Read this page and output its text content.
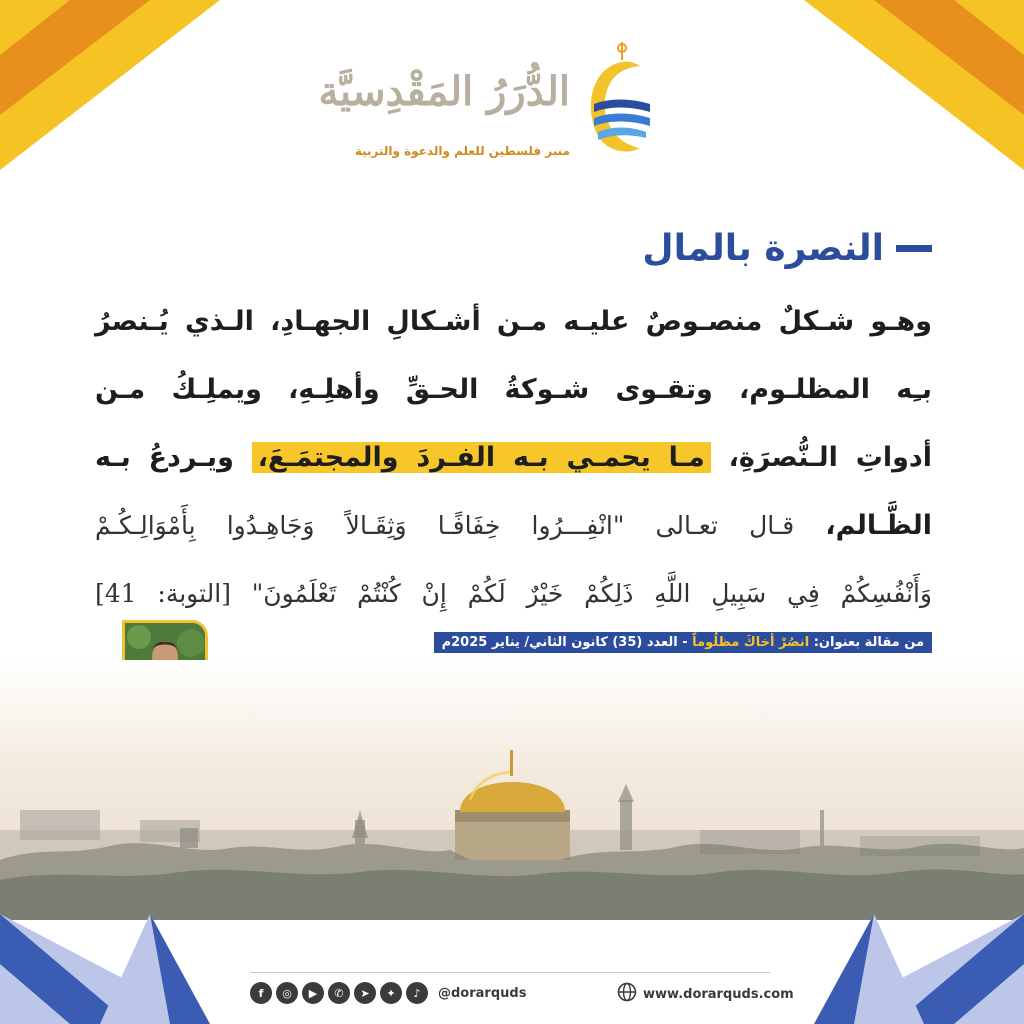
الدُّرَرُ المَقْدِسيَّة
منبر فلسطين للعلم والدعوة والتربية
النصرة بالمال
وهـو شـكلٌ منصـوصٌ عليـه مـن أشـكالِ الجهـادِ، الـذي يُـنصرُ
بـِه المظلـوم، وتقـوى شـوكةُ الحـقِّ وأهلِـهِ، ويملِـكُ مـن
أدواتِ الـنُّصرَةِ، مـا يحمـي بـه الفـردَ والمجتمَـعَ، ويـردعُ بـه
الظَّـالم، قـال تعـالى "انْفِـــرُوا خِفَافًـا وَثِقَـالاً وَجَاهِـدُوا بِأَمْوَالِـكُـمْ
وَأَنْفُسِكُمْ فِي سَبِيلِ اللَّهِ ذَلِكُمْ خَيْرٌ لَكُمْ إِنْ كُنْتُمْ تَعْلَمُونَ" [التوبة: 41]
من مقالة بعنوان: انصُرْ أخاكَ مظلُوماً - العدد (35) كانون الثاني/ يناير 2025م
f	◎	▶	✆	➤	✦	♪	@dorarquds	www.dorarquds.com
